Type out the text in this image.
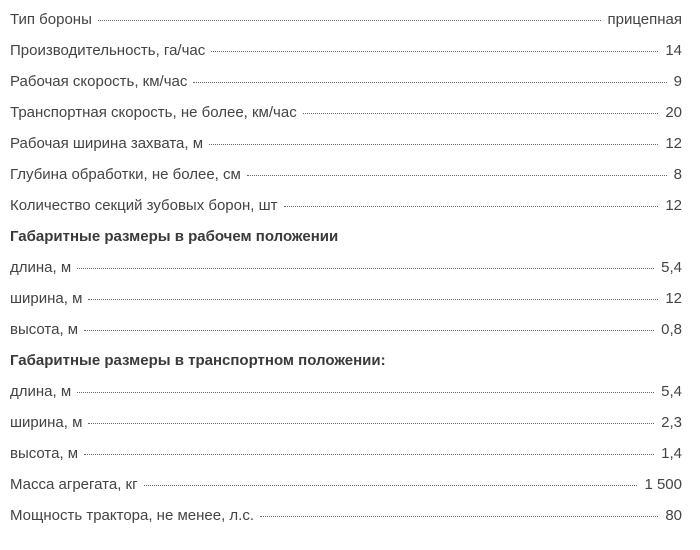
Тип бороны	прицепная
Производительность, га/час	14
Рабочая скорость, км/час	9
Транспортная скорость, не более, км/час	20
Рабочая ширина захвата, м	12
Глубина обработки, не более, см	8
Количество секций зубовых борон, шт	12
Габаритные размеры в рабочем положении
длина, м	5,4
ширина, м	12
высота, м	0,8
Габаритные размеры в транспортном положении:
длина, м	5,4
ширина, м	2,3
высота, м	1,4
Масса агрегата, кг	1 500
Мощность трактора, не менее, л.с.	80
